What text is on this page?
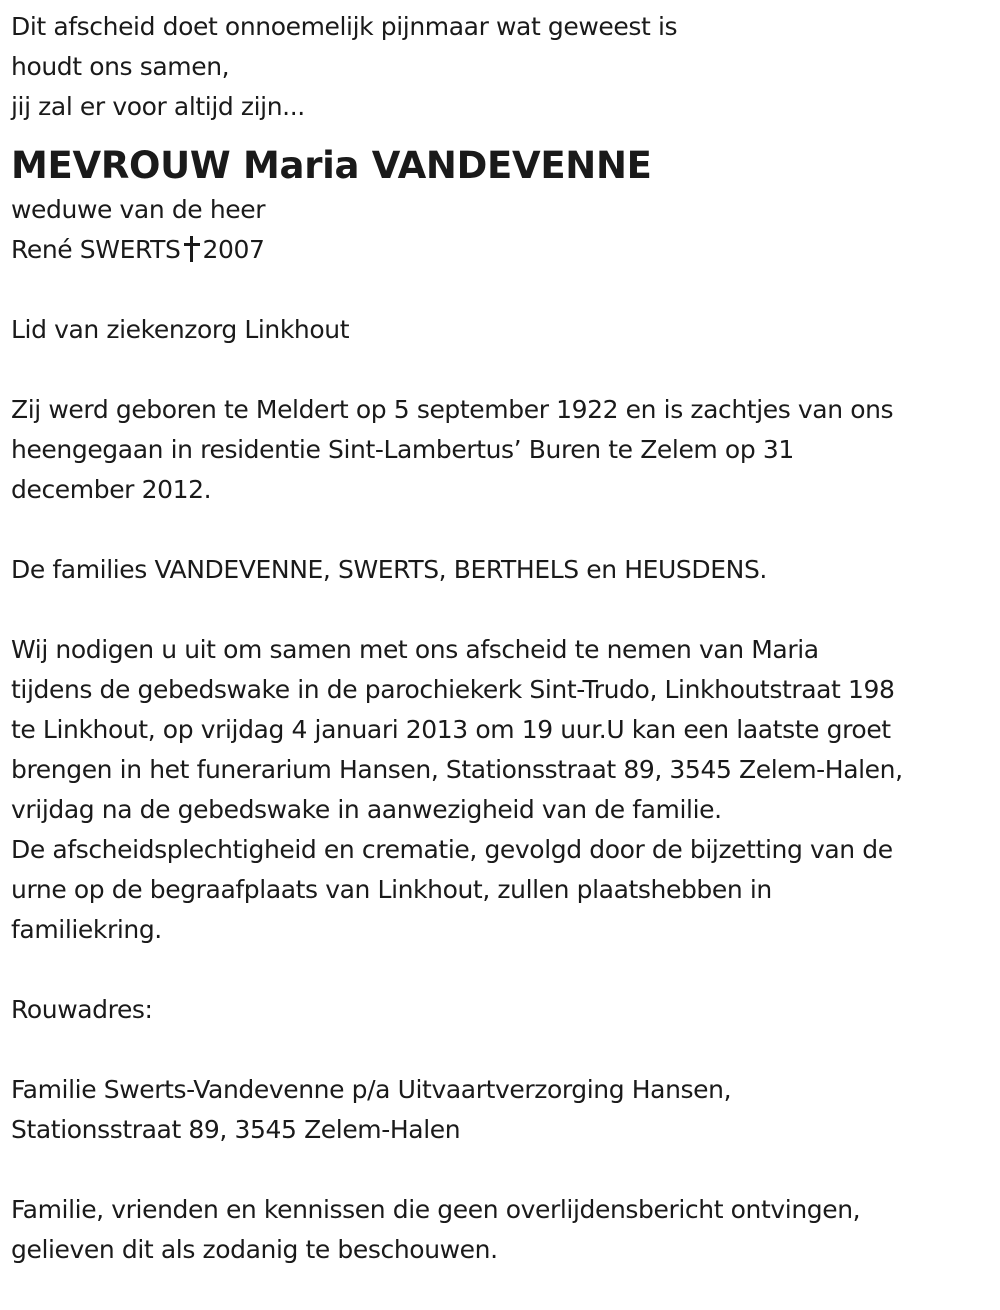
Dit afscheid doet onnoemelijk pijnmaar wat geweest is

houdt ons samen,

jij zal er voor altijd zijn...

MEVROUW Maria VANDEVENNE

weduwe van de heer

René SWERTS 2007

Lid van ziekenzorg Linkhout

Zij werd geboren te Meldert op 5 september 1922 en is zachtjes van ons

heengegaan in residentie Sint-Lambertus’ Buren te Zelem op 31

december 2012.

De families VANDEVENNE, SWERTS, BERTHELS en HEUSDENS.

Wij nodigen u uit om samen met ons afscheid te nemen van Maria

tijdens de gebedswake in de parochiekerk Sint-Trudo, Linkhoutstraat 198

te Linkhout, op vrijdag 4 januari 2013 om 19 uur.U kan een laatste groet

brengen in het funerarium Hansen, Stationsstraat 89, 3545 Zelem-Halen,

vrijdag na de gebedswake in aanwezigheid van de familie.

De afscheidsplechtigheid en crematie, gevolgd door de bijzetting van de

urne op de begraafplaats van Linkhout, zullen plaatshebben in

familiekring.

Rouwadres:

Familie Swerts-Vandevenne p/a Uitvaartverzorging Hansen,

Stationsstraat 89, 3545 Zelem-Halen

Familie, vrienden en kennissen die geen overlijdensbericht ontvingen,

gelieven dit als zodanig te beschouwen.
